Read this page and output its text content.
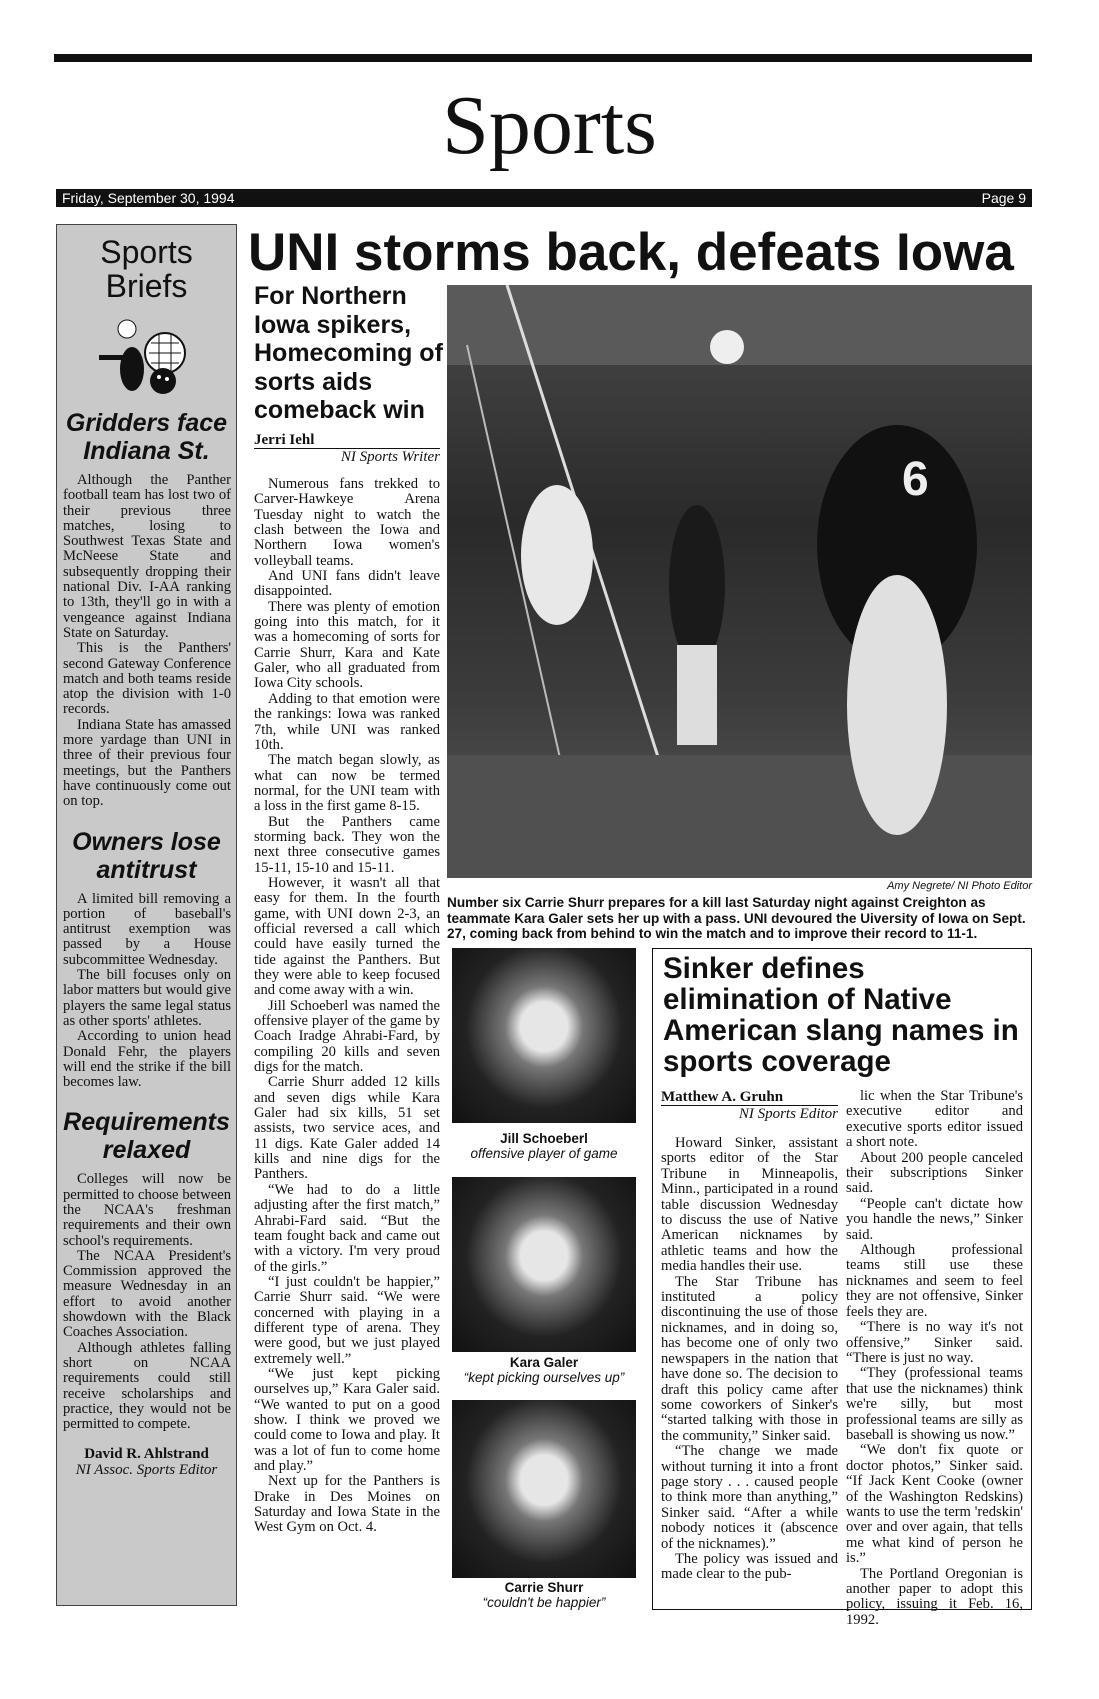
Sports
Friday, September 30, 1994	Page 9
Sports Briefs
Gridders face Indiana St.

Although the Panther football team has lost two of their previous three matches, losing to Southwest Texas State and McNeese State and subsequently dropping their national Div. I-AA ranking to 13th, they'll go in with a vengeance against Indiana State on Saturday.

This is the Panthers' second Gateway Conference match and both teams reside atop the division with 1-0 records.

Indiana State has amassed more yardage than UNI in three of their previous four meetings, but the Panthers have continuously come out on top.

Owners lose antitrust

A limited bill removing a portion of baseball's antitrust exemption was passed by a House subcommittee Wednesday.

The bill focuses only on labor matters but would give players the same legal status as other sports' athletes.

According to union head Donald Fehr, the players will end the strike if the bill becomes law.

Requirements relaxed

Colleges will now be permitted to choose between the NCAA's freshman requirements and their own school's requirements.

The NCAA President's Commission approved the measure Wednesday in an effort to avoid another showdown with the Black Coaches Association.

Although athletes falling short on NCAA requirements could still receive scholarships and practice, they would not be permitted to compete.

David R. Ahlstrand
NI Assoc. Sports Editor
UNI storms back, defeats Iowa
For Northern Iowa spikers, Homecoming of sorts aids comeback win
Jerri Iehl
NI Sports Writer

Numerous fans trekked to Carver-Hawkeye Arena Tuesday night to watch the clash between the Iowa and Northern Iowa women's volleyball teams.

And UNI fans didn't leave disappointed.

There was plenty of emotion going into this match, for it was a homecoming of sorts for Carrie Shurr, Kara and Kate Galer, who all graduated from Iowa City schools.

Adding to that emotion were the rankings: Iowa was ranked 7th, while UNI was ranked 10th.

The match began slowly, as what can now be termed normal, for the UNI team with a loss in the first game 8-15.

But the Panthers came storming back. They won the next three consecutive games 15-11, 15-10 and 15-11.

However, it wasn't all that easy for them. In the fourth game, with UNI down 2-3, an official reversed a call which could have easily turned the tide against the Panthers. But they were able to keep focused and come away with a win.

Jill Schoeberl was named the offensive player of the game by Coach Iradge Ahrabi-Fard, by compiling 20 kills and seven digs for the match.

Carrie Shurr added 12 kills and seven digs while Kara Galer had six kills, 51 set assists, two service aces, and 11 digs. Kate Galer added 14 kills and nine digs for the Panthers.

“We had to do a little adjusting after the first match,” Ahrabi-Fard said. “But the team fought back and came out with a victory. I'm very proud of the girls.”

“I just couldn't be happier,” Carrie Shurr said. “We were concerned with playing in a different type of arena. They were good, but we just played extremely well.”

“We just kept picking ourselves up,” Kara Galer said. “We wanted to put on a good show. I think we proved we could come to Iowa and play. It was a lot of fun to come home and play.”

Next up for the Panthers is Drake in Des Moines on Saturday and Iowa State in the West Gym on Oct. 4.

6
Amy Negrete/ NI Photo Editor
Number six Carrie Shurr prepares for a kill last Saturday night against Creighton as teammate Kara Galer sets her up with a pass. UNI devoured the Uiversity of Iowa on Sept. 27, coming back from behind to win the match and to improve their record to 11-1.
Jill Schoeberl
offensive player of game
Kara Galer
“kept picking ourselves up”
Carrie Shurr
“couldn't be happier”
Sinker defines elimination of Native American slang names in sports coverage
Matthew A. Gruhn
NI Sports Editor

Howard Sinker, assistant sports editor of the Star Tribune in Minneapolis, Minn., participated in a round table discussion Wednesday to discuss the use of Native American nicknames by athletic teams and how the media handles their use.

The Star Tribune has instituted a policy discontinuing the use of those nicknames, and in doing so, has become one of only two newspapers in the nation that have done so. The decision to draft this policy came after some coworkers of Sinker's “started talking with those in the community,” Sinker said.

“The change we made without turning it into a front page story . . . caused people to think more than anything,” Sinker said. “After a while nobody notices it (abscence of the nicknames).”

The policy was issued and made clear to the pub-

lic when the Star Tribune's executive editor and executive sports editor issued a short note.

About 200 people canceled their subscriptions Sinker said.

“People can't dictate how you handle the news,” Sinker said.

Although professional teams still use these nicknames and seem to feel they are not offensive, Sinker feels they are.

“There is no way it's not offensive,” Sinker said. “There is just no way.

“They (professional teams that use the nicknames) think we're silly, but most professional teams are silly as baseball is showing us now.”

“We don't fix quote or doctor photos,” Sinker said. “If Jack Kent Cooke (owner of the Washington Redskins) wants to use the term 'redskin' over and over again, that tells me what kind of person he is.”

The Portland Oregonian is another paper to adopt this policy, issuing it Feb. 16, 1992.
